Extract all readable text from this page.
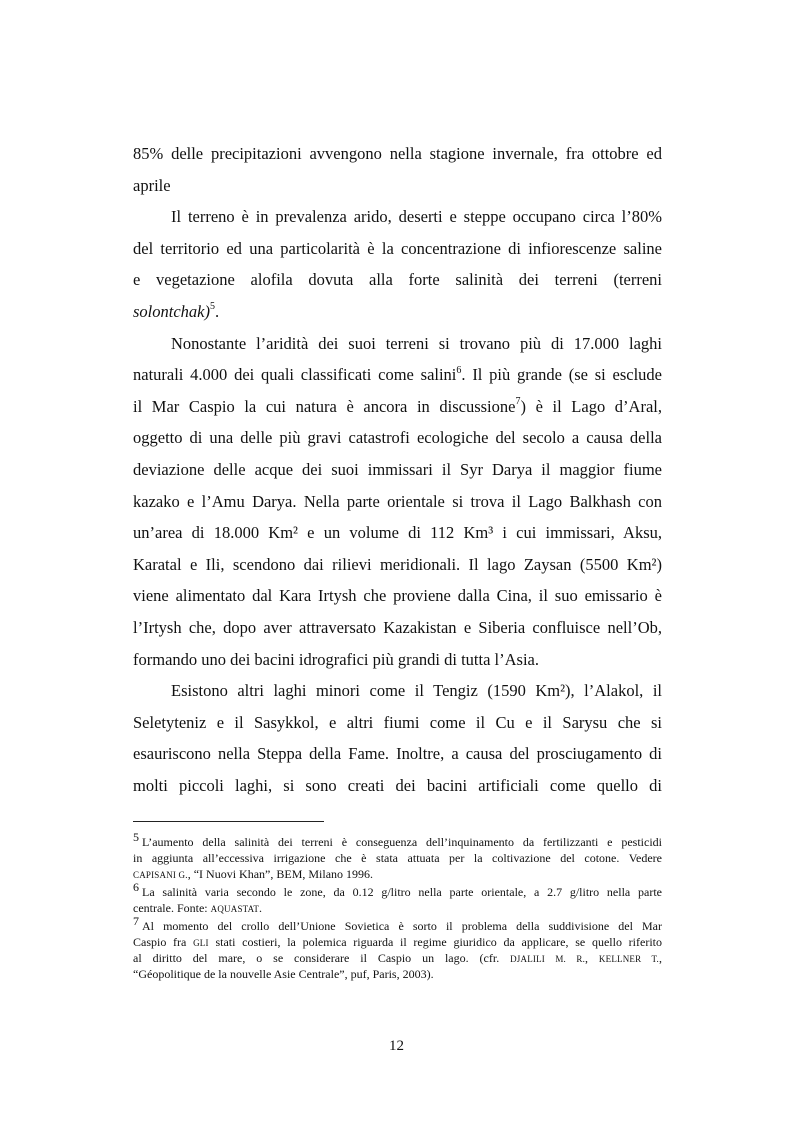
85% delle precipitazioni avvengono nella stagione invernale, fra ottobre ed
aprile
Il terreno è in prevalenza arido, deserti e steppe occupano circa l’80%
del territorio ed una particolarità è la concentrazione di infiorescenze saline
e vegetazione alofila dovuta alla forte salinità dei terreni (terreni
solontchak)$^5$.
Nonostante l’aridità dei suoi terreni si trovano più di 17.000 laghi
naturali 4.000 dei quali classificati come salini$^6$. Il più grande (se si esclude
il Mar Caspio la cui natura è ancora in discussione$^7$) è il Lago d’Aral,
oggetto di una delle più gravi catastrofi ecologiche del secolo a causa della
deviazione delle acque dei suoi immissari il Syr Darya il maggior fiume
kazako e l’Amu Darya. Nella parte orientale si trova il Lago Balkhash con
un’area di 18.000 Km² e un volume di 112 Km³ i cui immissari, Aksu,
Karatal e Ili, scendono dai rilievi meridionali. Il lago Zaysan (5500 Km²)
viene alimentato dal Kara Irtysh che proviene dalla Cina, il suo emissario è
l’Irtysh che, dopo aver attraversato Kazakistan e Siberia confluisce nell’Ob,
formando uno dei bacini idrografici più grandi di tutta l’Asia.
Esistono altri laghi minori come il Tengiz (1590 Km²), l’Alakol, il
Seletyteniz e il Sasykkol, e altri fiumi come il Cu e il Sarysu che si
esauriscono nella Steppa della Fame. Inoltre, a causa del prosciugamento di
molti piccoli laghi, si sono creati dei bacini artificiali come quello di
5 L’aumento della salinità dei terreni è conseguenza dell’inquinamento da fertilizzanti e pesticidi
in aggiunta all’eccessiva irrigazione che è stata attuata per la coltivazione del cotone. Vedere
CAPISANI G., “I Nuovi Khan”, BEM, Milano 1996.
6 La salinità varia secondo le zone, da 0.12 g/litro nella parte orientale, a 2.7 g/litro nella parte
centrale. Fonte: AQUASTAT.
7 Al momento del crollo dell’Unione Sovietica è sorto il problema della suddivisione del Mar
Caspio fra GLI stati costieri, la polemica riguarda il regime giuridico da applicare, se quello riferito
al diritto del mare, o se considerare il Caspio un lago. (cfr. DJALILI M. R., KELLNER T.,
“Géopolitique de la nouvelle Asie Centrale”, puf, Paris, 2003).
12
